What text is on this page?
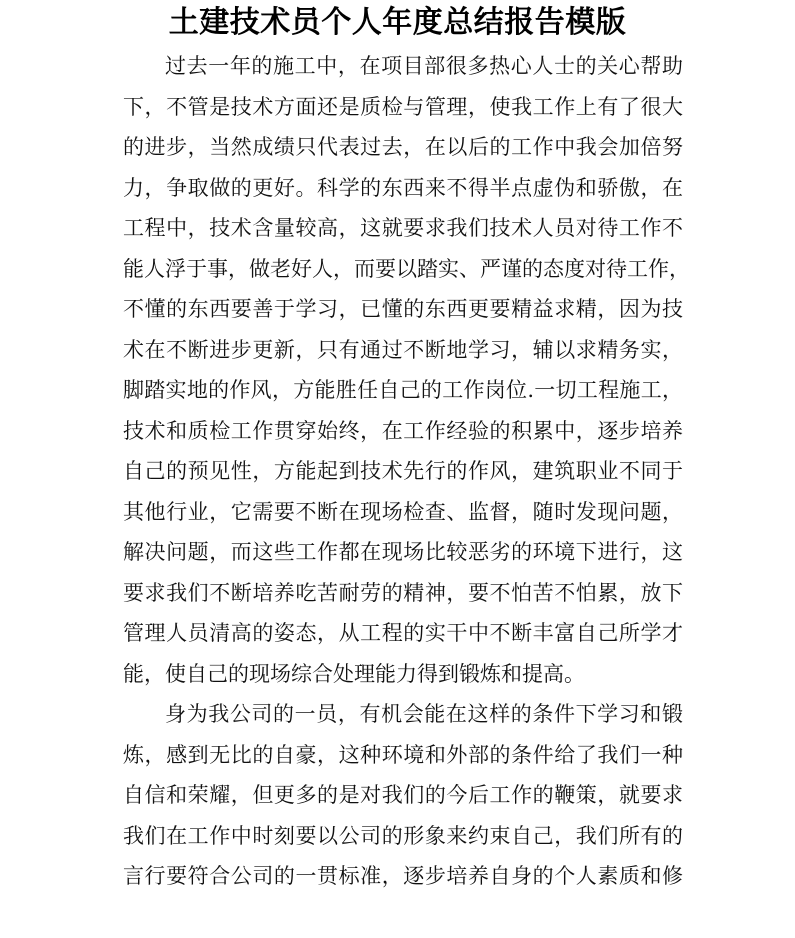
土建技术员个人年度总结报告模版
过去一年的施工中，在项目部很多热心人士的关心帮助
下，不管是技术方面还是质检与管理，使我工作上有了很大
的进步，当然成绩只代表过去，在以后的工作中我会加倍努
力，争取做的更好。科学的东西来不得半点虚伪和骄傲，在
工程中，技术含量较高，这就要求我们技术人员对待工作不
能人浮于事，做老好人，而要以踏实、严谨的态度对待工作，
不懂的东西要善于学习，已懂的东西更要精益求精，因为技
术在不断进步更新，只有通过不断地学习，辅以求精务实，
脚踏实地的作风，方能胜任自己的工作岗位.一切工程施工，
技术和质检工作贯穿始终，在工作经验的积累中，逐步培养
自己的预见性，方能起到技术先行的作风，建筑职业不同于
其他行业，它需要不断在现场检查、监督，随时发现问题，
解决问题，而这些工作都在现场比较恶劣的环境下进行，这
要求我们不断培养吃苦耐劳的精神，要不怕苦不怕累，放下
管理人员清高的姿态，从工程的实干中不断丰富自己所学才
能，使自己的现场综合处理能力得到锻炼和提高。
身为我公司的一员，有机会能在这样的条件下学习和锻
炼，感到无比的自豪，这种环境和外部的条件给了我们一种
自信和荣耀，但更多的是对我们的今后工作的鞭策，就要求
我们在工作中时刻要以公司的形象来约束自己，我们所有的
言行要符合公司的一贯标准，逐步培养自身的个人素质和修
